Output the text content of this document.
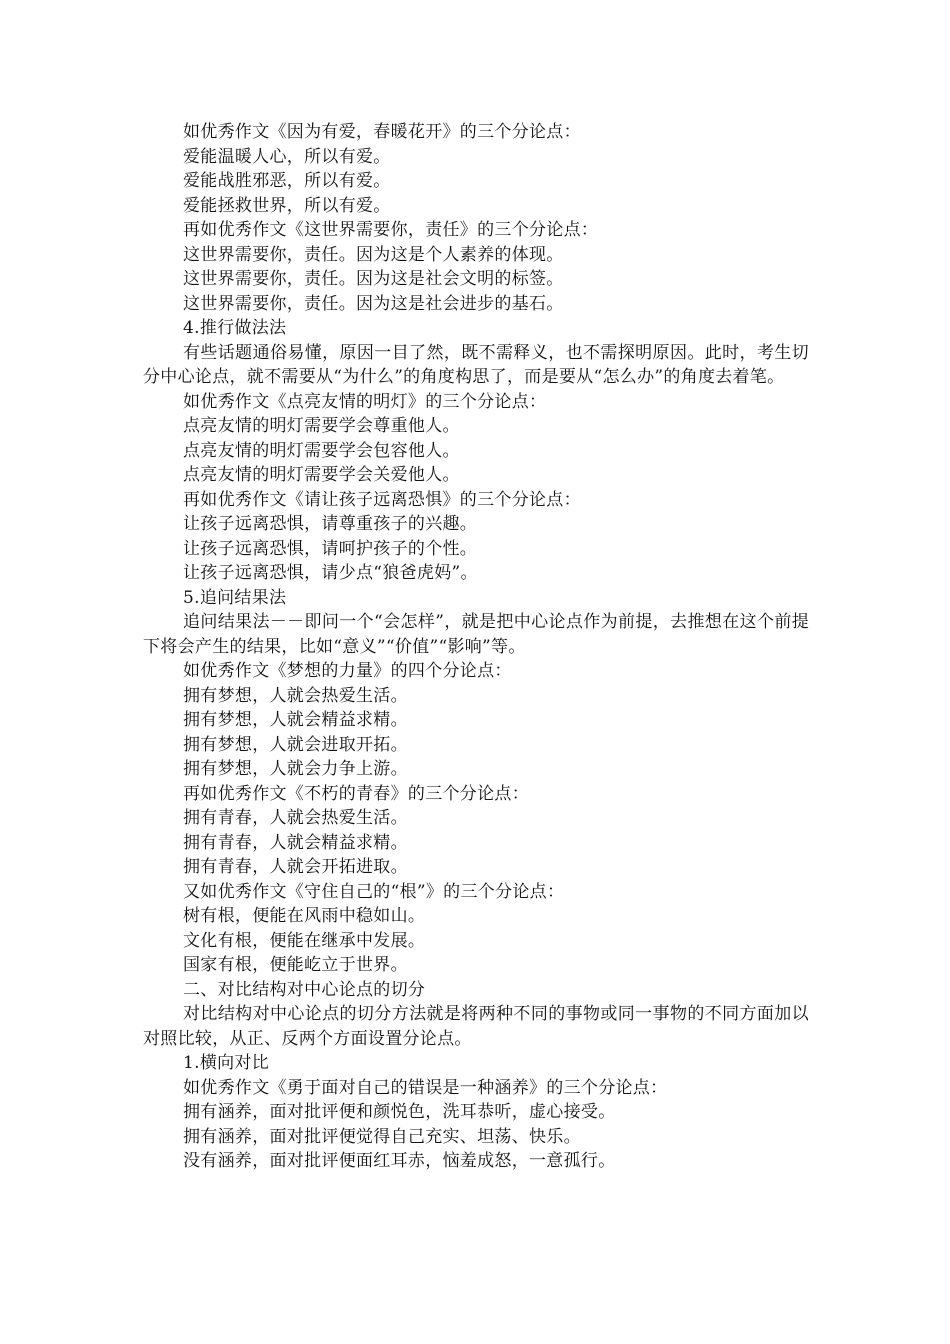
如优秀作文《因为有爱，春暖花开》的三个分论点：

爱能温暖人心，所以有爱。

爱能战胜邪恶，所以有爱。

爱能拯救世界，所以有爱。

再如优秀作文《这世界需要你，责任》的三个分论点：

这世界需要你，责任。因为这是个人素养的体现。

这世界需要你，责任。因为这是社会文明的标签。

这世界需要你，责任。因为这是社会进步的基石。

4.推行做法法

有些话题通俗易懂，原因一目了然，既不需释义，也不需探明原因。此时，考生切分中心论点，就不需要从“为什么”的角度构思了，而是要从“怎么办”的角度去着笔。

如优秀作文《点亮友情的明灯》的三个分论点：

点亮友情的明灯需要学会尊重他人。

点亮友情的明灯需要学会包容他人。

点亮友情的明灯需要学会关爱他人。

再如优秀作文《请让孩子远离恐惧》的三个分论点：

让孩子远离恐惧，请尊重孩子的兴趣。

让孩子远离恐惧，请呵护孩子的个性。

让孩子远离恐惧，请少点“狼爸虎妈”。

5.追问结果法

追问结果法－－即问一个“会怎样”，就是把中心论点作为前提，去推想在这个前提下将会产生的结果，比如“意义”“价值”“影响”等。

如优秀作文《梦想的力量》的四个分论点：

拥有梦想，人就会热爱生活。

拥有梦想，人就会精益求精。

拥有梦想，人就会进取开拓。

拥有梦想，人就会力争上游。

再如优秀作文《不朽的青春》的三个分论点：

拥有青春，人就会热爱生活。

拥有青春，人就会精益求精。

拥有青春，人就会开拓进取。

又如优秀作文《守住自己的“根”》的三个分论点：

树有根，便能在风雨中稳如山。

文化有根，便能在继承中发展。

国家有根，便能屹立于世界。

二、对比结构对中心论点的切分

对比结构对中心论点的切分方法就是将两种不同的事物或同一事物的不同方面加以对照比较，从正、反两个方面设置分论点。

1.横向对比

如优秀作文《勇于面对自己的错误是一种涵养》的三个分论点：

拥有涵养，面对批评便和颜悦色，洗耳恭听，虚心接受。

拥有涵养，面对批评便觉得自己充实、坦荡、快乐。

没有涵养，面对批评便面红耳赤，恼羞成怒，一意孤行。
